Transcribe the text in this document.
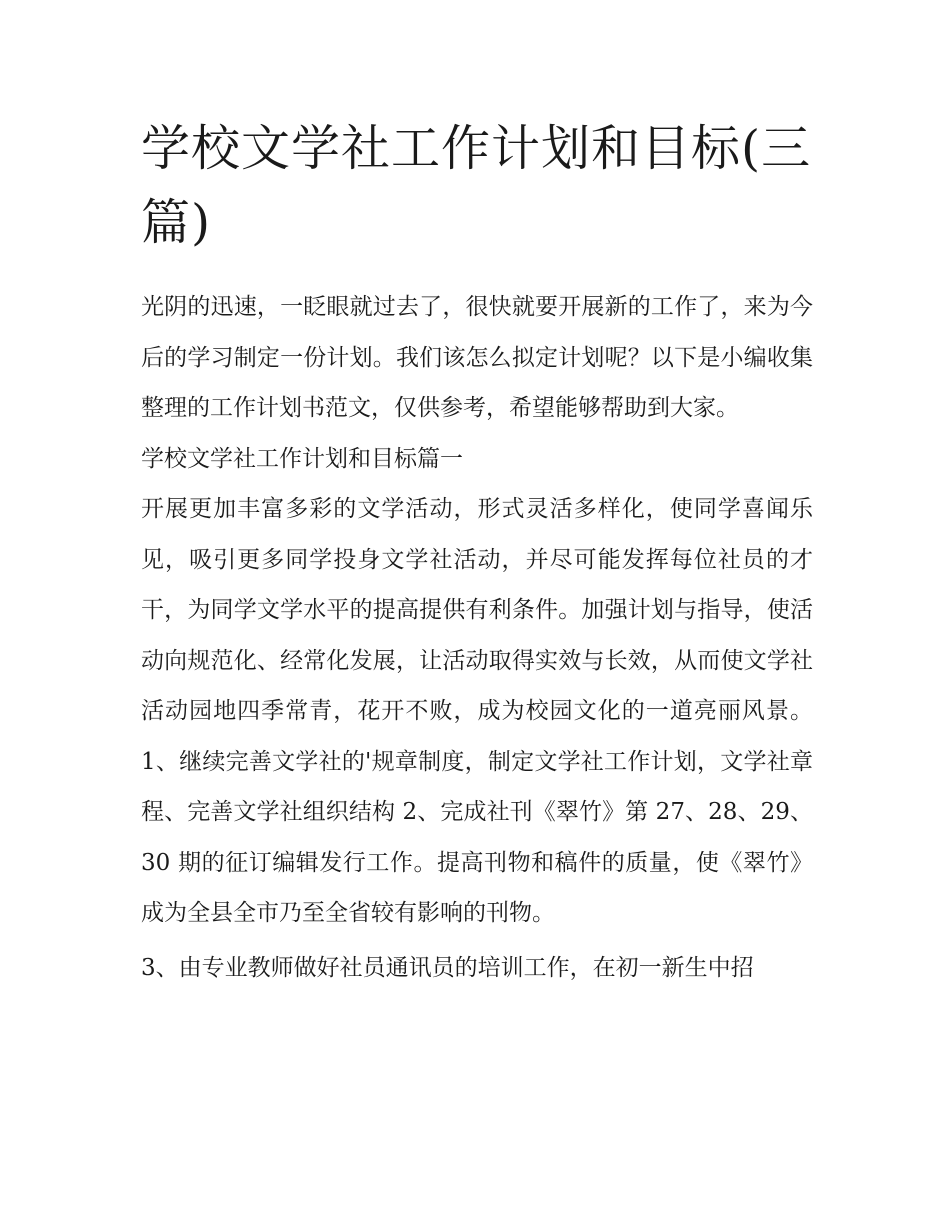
学校文学社工作计划和目标(三篇)

光阴的迅速，一眨眼就过去了，很快就要开展新的工作了，来为今后的学习制定一份计划。我们该怎么拟定计划呢？以下是小编收集整理的工作计划书范文，仅供参考，希望能够帮助到大家。

学校文学社工作计划和目标篇一

开展更加丰富多彩的文学活动，形式灵活多样化，使同学喜闻乐见，吸引更多同学投身文学社活动，并尽可能发挥每位社员的才干，为同学文学水平的提高提供有利条件。加强计划与指导，使活动向规范化、经常化发展，让活动取得实效与长效，从而使文学社活动园地四季常青，花开不败，成为校园文化的一道亮丽风景。1、继续完善文学社的'规章制度，制定文学社工作计划，文学社章程、完善文学社组织结构 2、完成社刊《翠竹》第 27、28、29、30 期的征订编辑发行工作。提高刊物和稿件的质量，使《翠竹》成为全县全市乃至全省较有影响的刊物。

3、由专业教师做好社员通讯员的培训工作，在初一新生中招
